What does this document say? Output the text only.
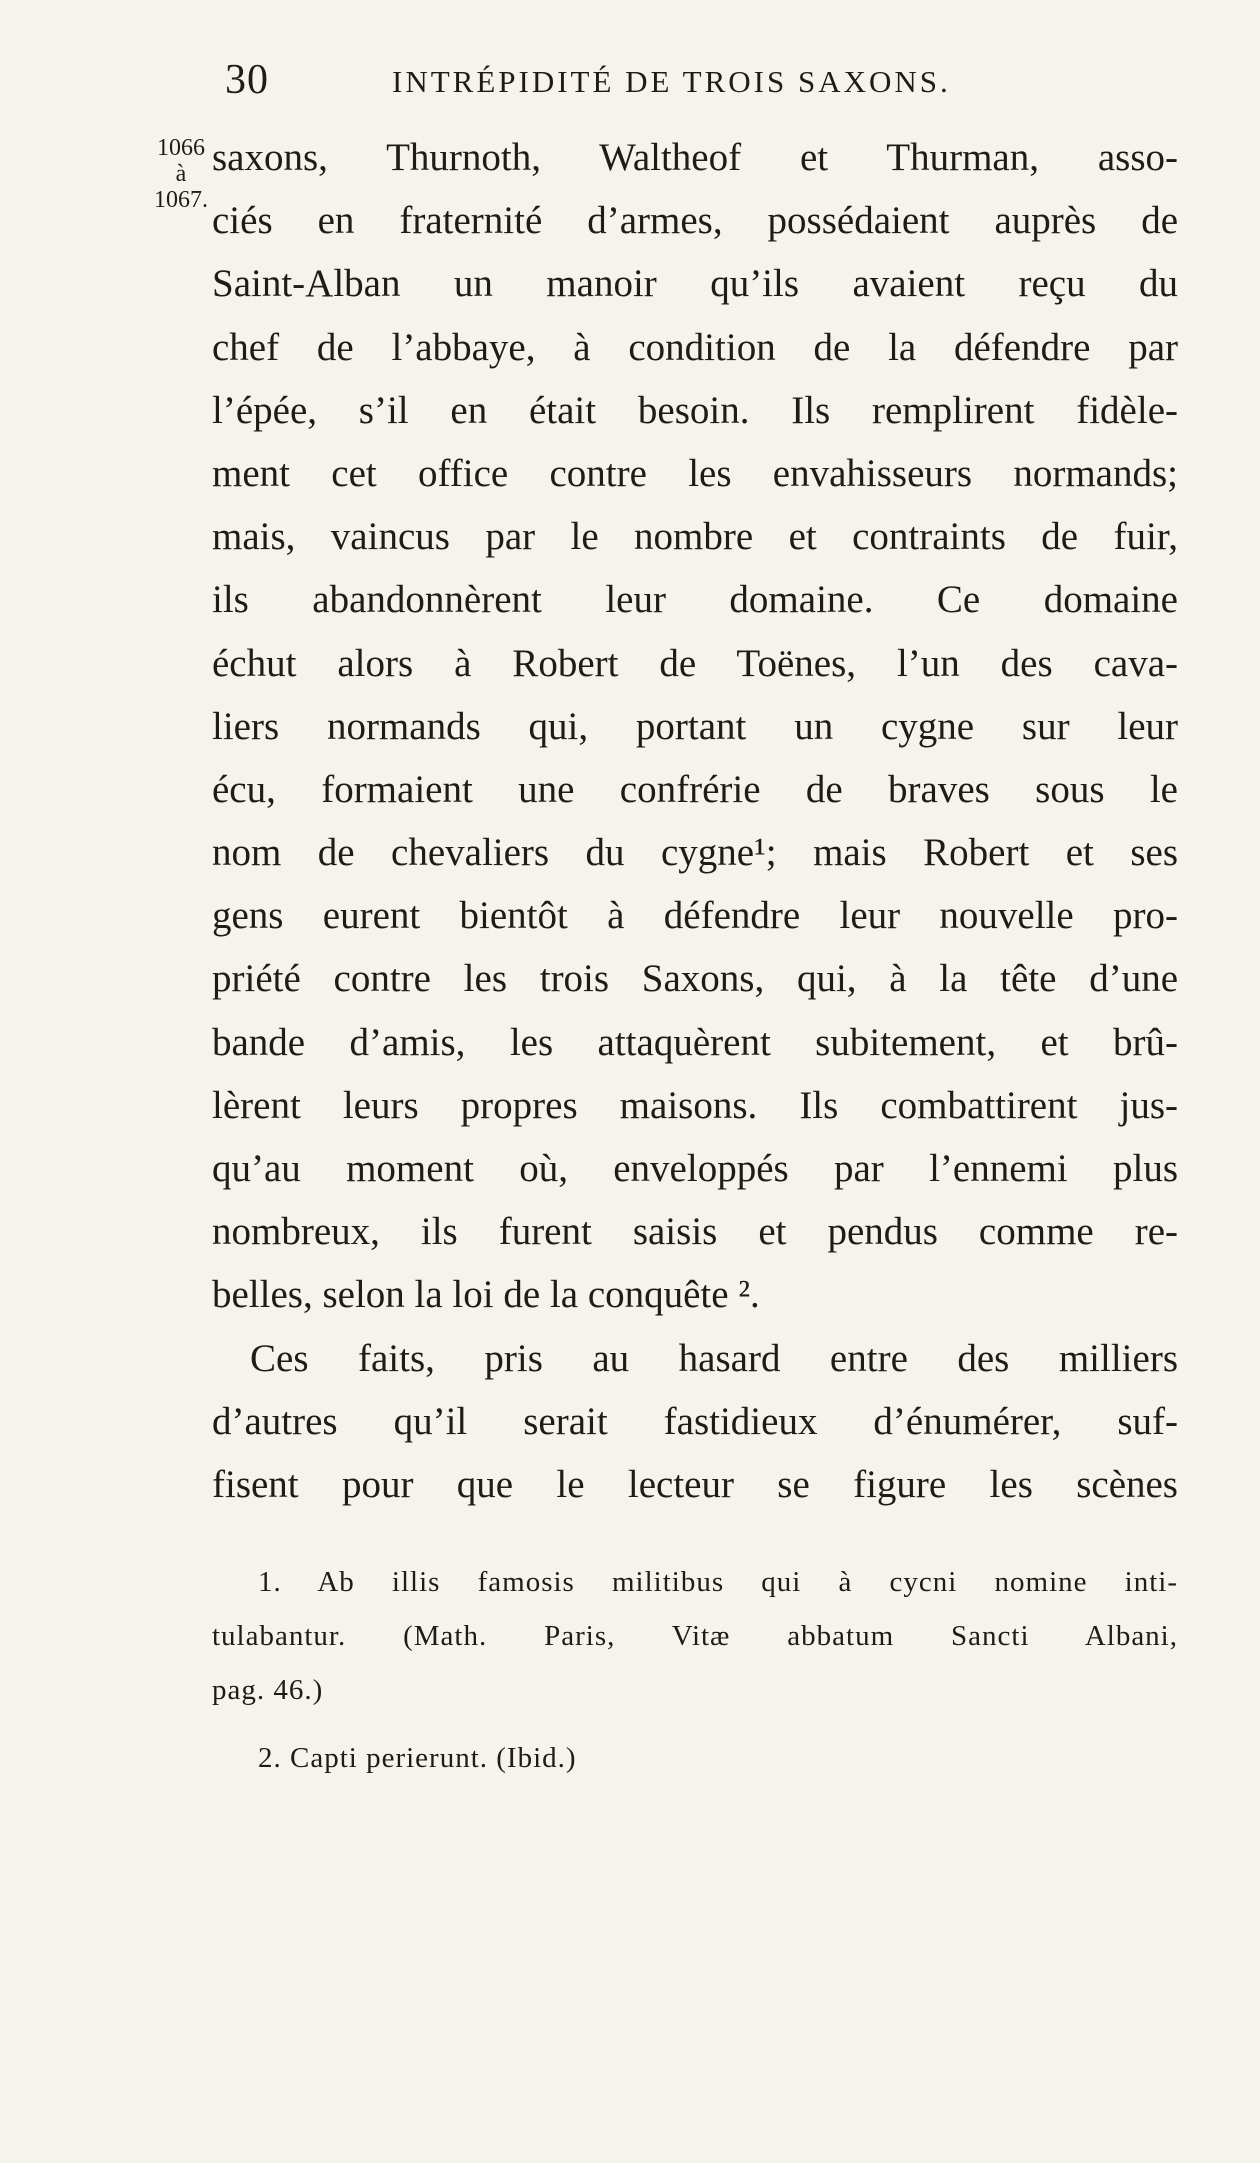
30	INTRÉPIDITÉ DE TROIS SAXONS.
1066
à
1067.
saxons, Thurnoth, Waltheof et Thurman, asso-
ciés en fraternité d’armes, possédaient auprès de
Saint-Alban un manoir qu’ils avaient reçu du
chef de l’abbaye, à condition de la défendre par
l’épée, s’il en était besoin. Ils remplirent fidèle-
ment cet office contre les envahisseurs normands;
mais, vaincus par le nombre et contraints de fuir,
ils abandonnèrent leur domaine. Ce domaine
échut alors à Robert de Toënes, l’un des cava-
liers normands qui, portant un cygne sur leur
écu, formaient une confrérie de braves sous le
nom de chevaliers du cygne¹; mais Robert et ses
gens eurent bientôt à défendre leur nouvelle pro-
priété contre les trois Saxons, qui, à la tête d’une
bande d’amis, les attaquèrent subitement, et brû-
lèrent leurs propres maisons. Ils combattirent jus-
qu’au moment où, enveloppés par l’ennemi plus
nombreux, ils furent saisis et pendus comme re-
belles, selon la loi de la conquête ².
Ces faits, pris au hasard entre des milliers
d’autres qu’il serait fastidieux d’énumérer, suf-
fisent pour que le lecteur se figure les scènes
1. Ab illis famosis militibus qui à cycni nomine inti-
tulabantur. (Math. Paris, Vitæ abbatum Sancti Albani,
pag. 46.)
2. Capti perierunt. (Ibid.)
